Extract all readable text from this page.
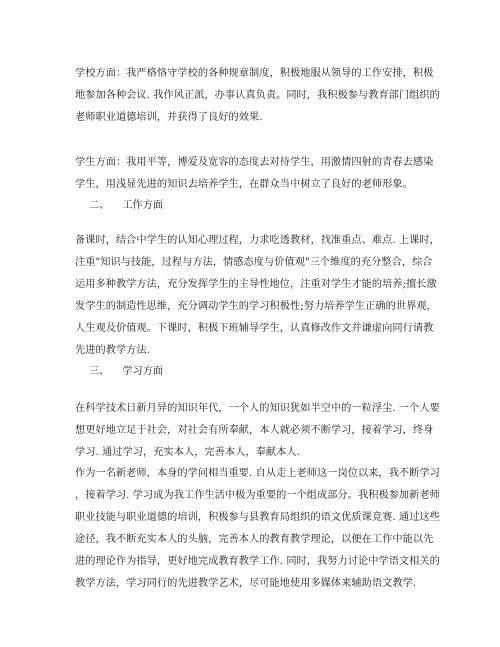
学校方面：我严格恪守学校的各种规章制度，积极地服从领导的工作安排，积极
地参加各种会议. 我作风正派，办事认真负责。同时，我积极参与教育部门组织的
老师职业道德培训，并获得了良好的效果.
学生方面：我用平等，博爱及宽容的态度去对待学生，用激情四射的青春去感染
学生，用浅显先进的知识去培养学生，在群众当中树立了良好的老师形象。
二、 工作方面
备课时，结合中学生的认知心理过程，力求吃透教材，找准重点、难点. 上课时，
注重"知识与技能，过程与方法，情感态度与价值观"三个维度的充分整合，综合
运用多种教学方法，充分发挥学生的主导性地位，注重对学生才能的培养;擅长激
发学生的制造性思维，充分调动学生的学习积极性;努力培养学生正确的世界观，
人生观及价值观。下课时，积极下班辅导学生，认真修改作文并谦虚向同行请教
先进的教学方法.
三、 学习方面
在科学技术日新月异的知识年代，一个人的知识犹如半空中的一粒浮尘. 一个人要
想更好地立足于社会，对社会有所奉献，本人就必须不断学习，接着学习，终身
学习. 通过学习，充实本人，完善本人，奉献本人.
作为一名新老师，本身的学问相当重要. 自从走上老师这一岗位以来，我不断学习
，接着学习. 学习成为我工作生活中极为重要的一个组成部分。我积极参加新老师
职业技能与职业道德的培训，积极参与县教育局组织的语文优质课竞赛. 通过这些
途径，我不断充实本人的头脑，完善本人的教育教学理论，以便在工作中能以先
进的理论作为指导，更好地完成教育教学工作. 同时，我努力讨论中学语文相关的
教学方法，学习同行的先进教学艺术，尽可能地使用多媒体来辅助语文教学.
